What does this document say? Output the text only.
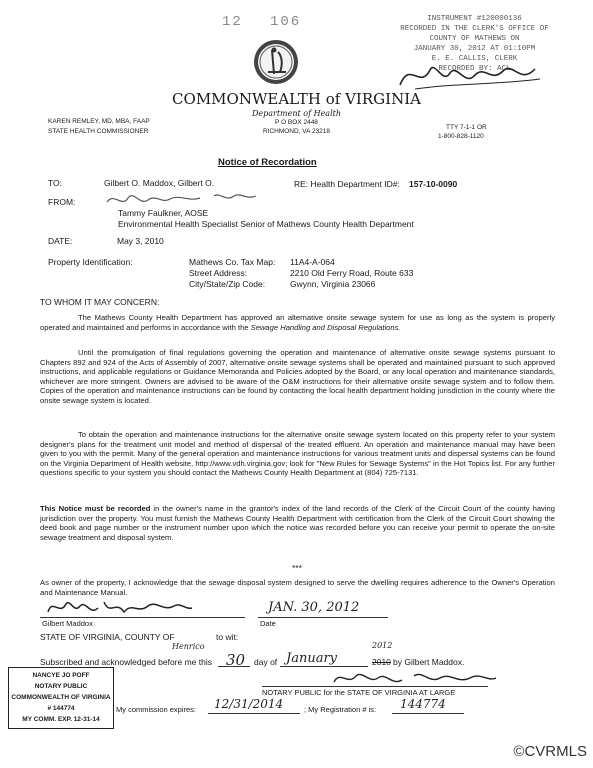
12 106	INSTRUMENT #120000136
RECORDED IN THE CLERK'S OFFICE OF
COUNTY OF MATHEWS ON
JANUARY 30, 2012 AT 01:10PM
E. E. CALLIS, CLERK
RECORDED BY: ACL
COMMONWEALTH of VIRGINIA
Department of Health
P O BOX 2448
RICHMOND, VA 23218
KAREN REMLEY, MD, MBA, FAAP
STATE HEALTH COMMISSIONER
TTY 7-1-1 OR
1-800-828-1120
Notice of Recordation
TO:	Gilbert O. Maddox, Gilbert O.	RE: Health Department ID#: 157-10-0090
FROM:
Tammy Faulkner, AOSE
Environmental Health Specialist Senior of Mathews County Health Department
DATE:	May 3, 2010
Property Identification:	Mathews Co. Tax Map: 11A4-A-064
Street Address:	2210 Old Ferry Road, Route 633
City/State/Zip Code:	Gwynn, Virginia 23066
TO WHOM IT MAY CONCERN:
The Mathews County Health Department has approved an alternative onsite sewage system for use as long as the system is properly operated and maintained and performs in accordance with the Sewage Handling and Disposal Regulations.
Until the promulgation of final regulations governing the operation and maintenance of alternative onsite sewage systems pursuant to Chapters 892 and 924 of the Acts of Assembly of 2007, alternative onsite sewage systems shall be operated and maintained pursuant to such approved instructions, and applicable regulations or Guidance Memoranda and Policies adopted by the Board, or any local operation and maintenance standards, whichever are more stringent. Owners are advised to be aware of the O&M instructions for their alternative onsite sewage system and to follow them. Copies of the operation and maintenance instructions can be found by contacting the local health department holding jurisdiction in the county where the onsite sewage system is located.
To obtain the operation and maintenance instructions for the alternative onsite sewage system located on this property refer to your system designer's plans for the treatment unit model and method of dispersal of the treated effluent. An operation and maintenance manual may have been given to you with the permit. Many of the general operation and maintenance instructions for various treatment units and dispersal systems can be found on the Virginia Department of Health website, http://www.vdh.virginia.gov; look for "New Rules for Sewage Systems" in the Hot Topics list. For any further questions specific to your system you should contact the Mathews County Health Department at (804) 725-7131.
This Notice must be recorded in the owner's name in the grantor's index of the land records of the Clerk of the Circuit Court of the county having jurisdiction over the property. You must furnish the Mathews County Health Department with certification from the Clerk of the Circuit Court showing the deed book and page number or the instrument number upon which the notice was recorded before you can receive your permit to operate the on-site sewage treatment and disposal system.
***
As owner of the property, I acknowledge that the sewage disposal system designed to serve the dwelling requires adherence to the Owner's Operation and Maintenance Manual.
Gilbert Maddox
JAN. 30, 2012
Date
STATE OF VIRGINIA, COUNTY OF	to wit:
Henrico
Subscribed and acknowledged before me this 30 day of January
2012
2010 by Gilbert Maddox.
NOTARY PUBLIC for the STATE OF VIRGINIA AT LARGE
NANCYE JO POFF
NOTARY PUBLIC
COMMONWEALTH OF VIRGINIA
# 144774
MY COMM. EXP. 12-31-14
My commission expires: 12/31/2014	; My Registration # is: 144774
©CVRMLS
